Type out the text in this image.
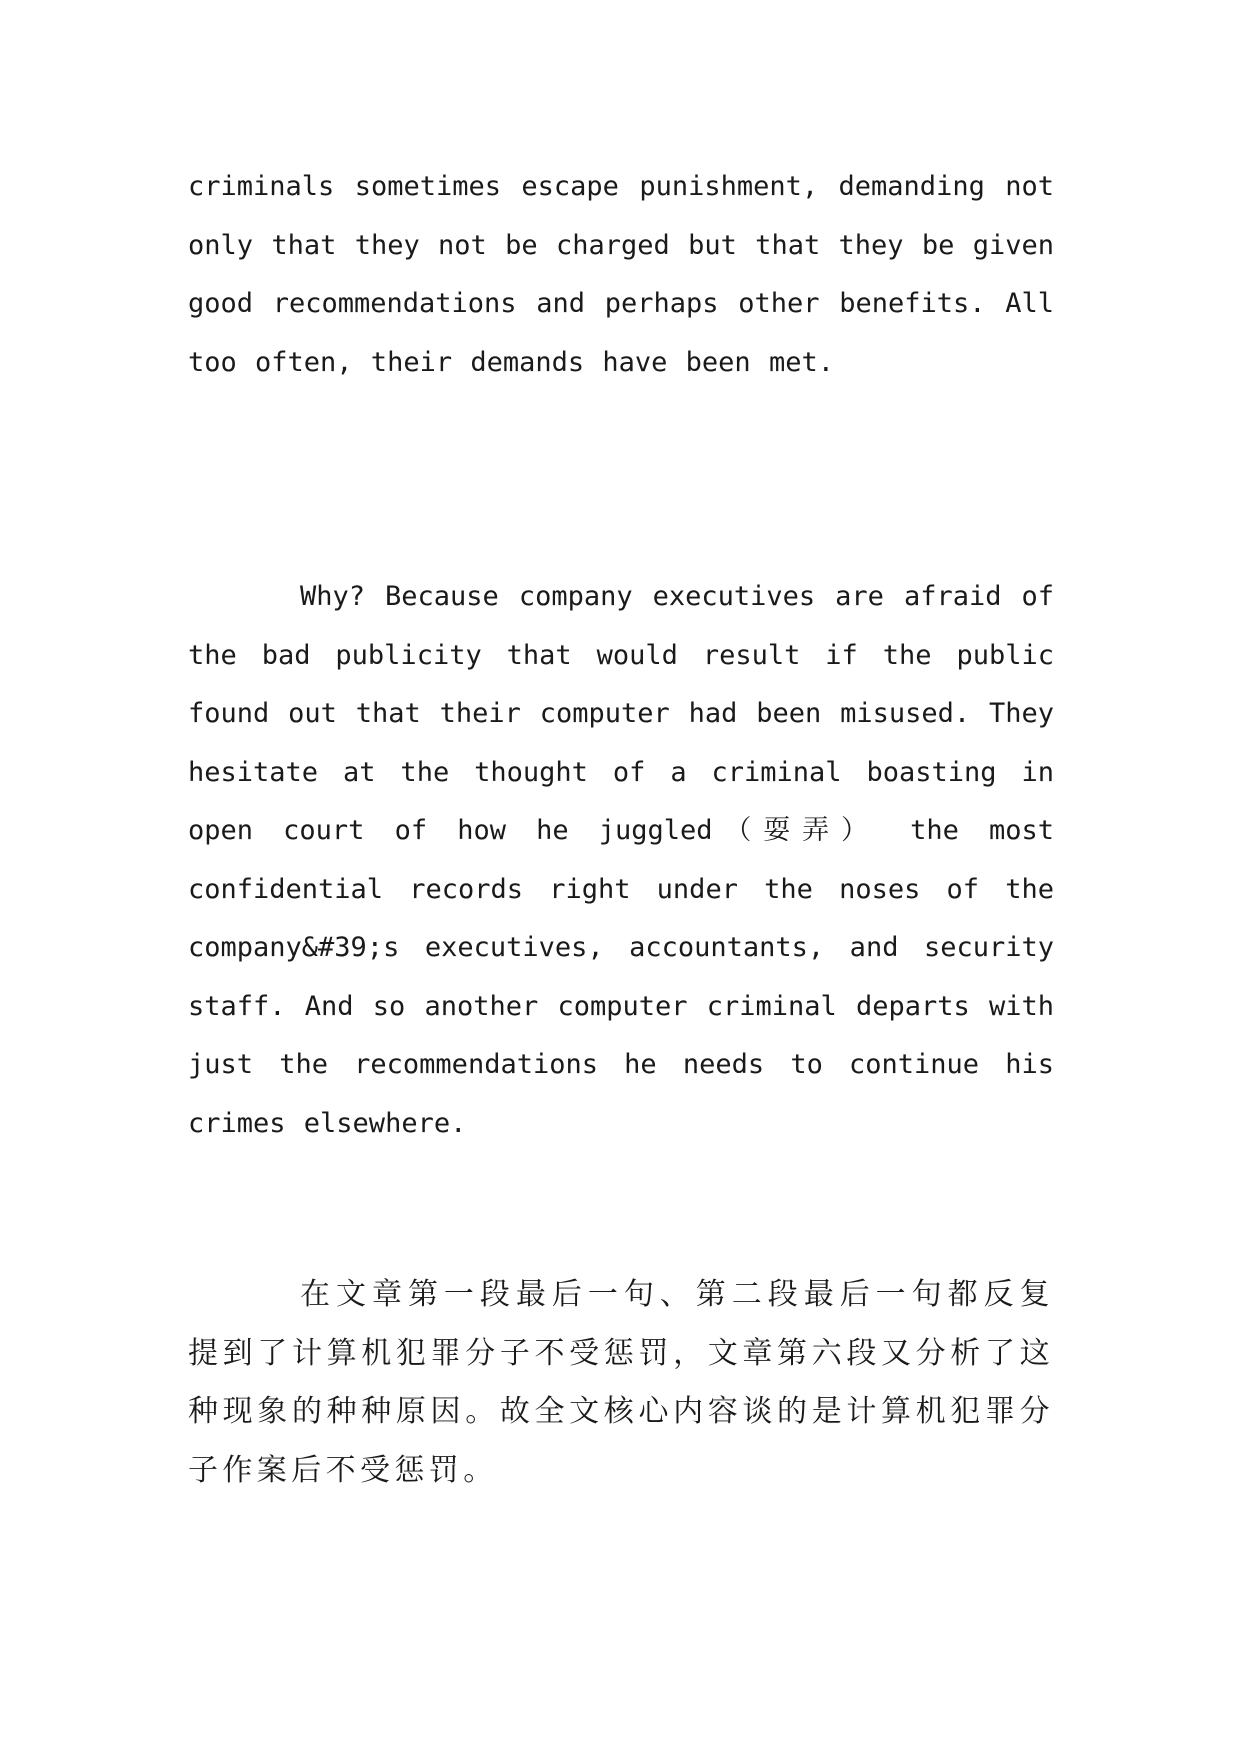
criminals sometimes escape punishment, demanding not only that they not be charged but that they be given good recommendations and perhaps other benefits. All too often, their demands have been met.

Why? Because company executives are afraid of the bad publicity that would result if the public found out that their computer had been misused. They hesitate at the thought of a criminal boasting in open court of how he juggled（耍弄） the most confidential records right under the noses of the company&#39;s executives, accountants, and security staff. And so another computer criminal departs with just the recommendations he needs to continue his crimes elsewhere.

在文章第一段最后一句、第二段最后一句都反复提到了计算机犯罪分子不受惩罚，文章第六段又分析了这种现象的种种原因。故全文核心内容谈的是计算机犯罪分子作案后不受惩罚。
